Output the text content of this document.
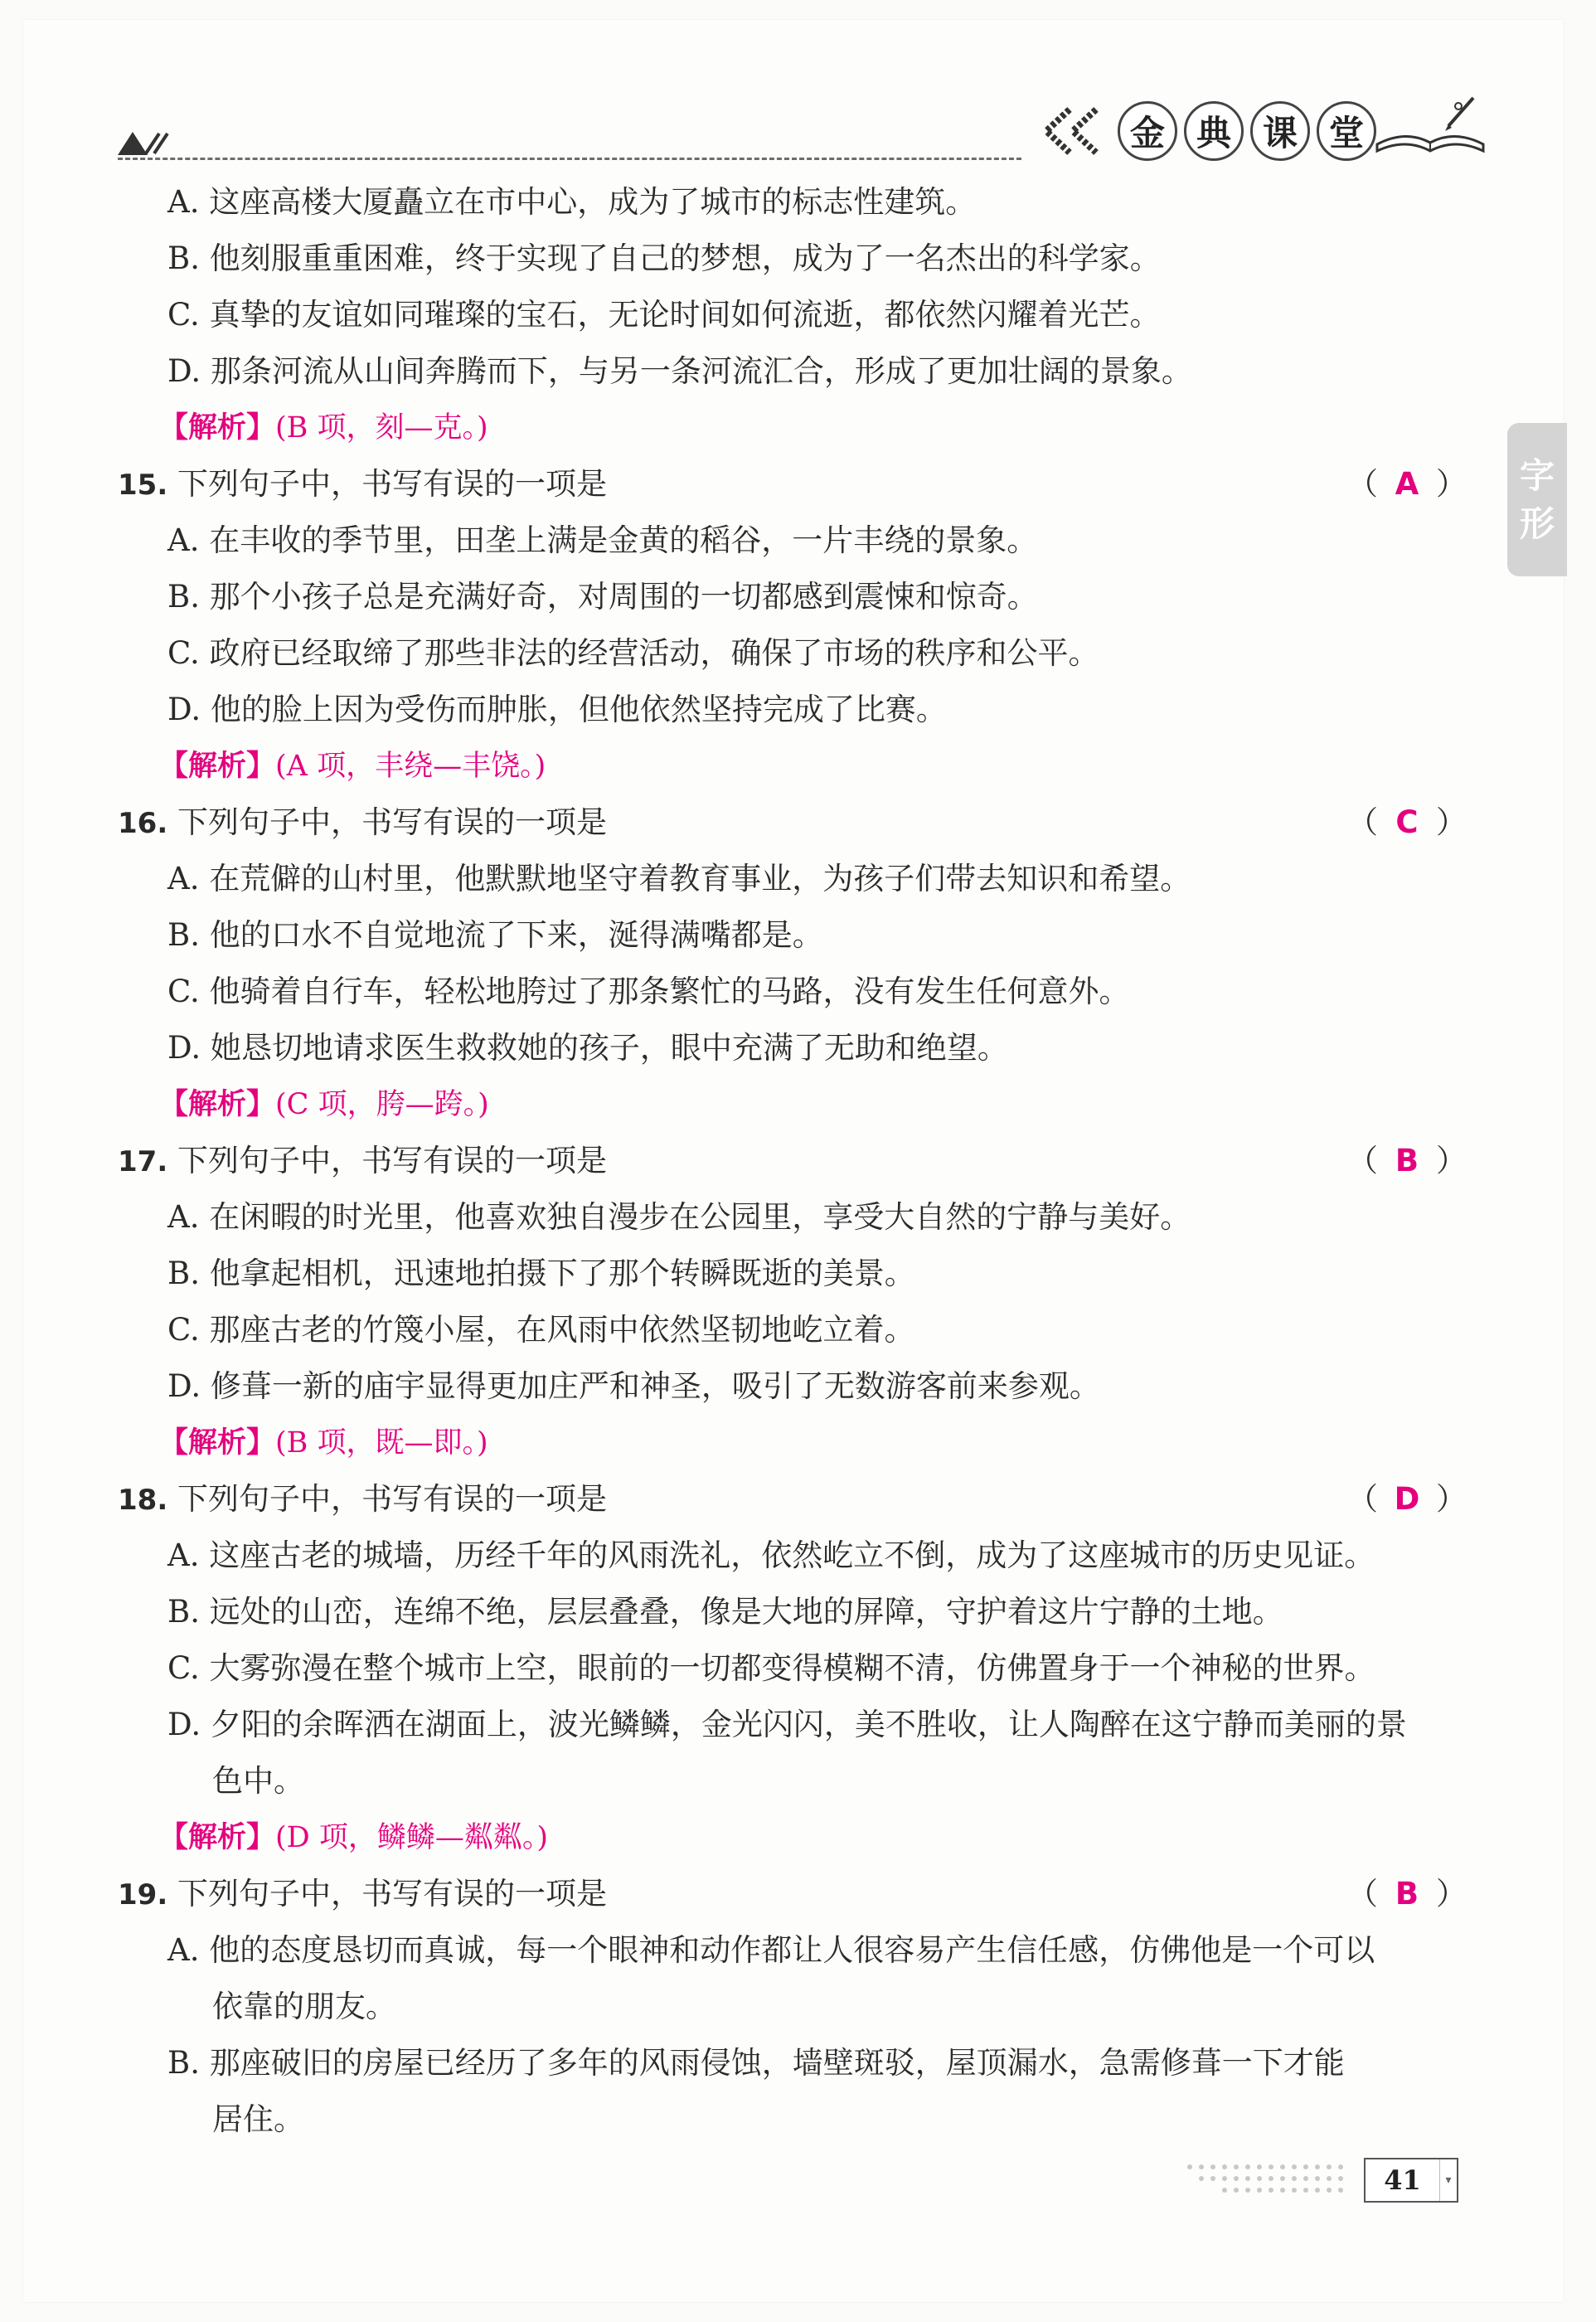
金 典 课 堂
字
形
A. 这座高楼大厦矗立在市中心，成为了城市的标志性建筑。
B. 他刻服重重困难，终于实现了自己的梦想，成为了一名杰出的科学家。
C. 真挚的友谊如同璀璨的宝石，无论时间如何流逝，都依然闪耀着光芒。
D. 那条河流从山间奔腾而下，与另一条河流汇合，形成了更加壮阔的景象。
【解析】(B 项，刻—克。)
15. 下列句子中，书写有误的一项是	（ A ）
A. 在丰收的季节里，田垄上满是金黄的稻谷，一片丰绕的景象。
B. 那个小孩子总是充满好奇，对周围的一切都感到震悚和惊奇。
C. 政府已经取缔了那些非法的经营活动，确保了市场的秩序和公平。
D. 他的脸上因为受伤而肿胀，但他依然坚持完成了比赛。
【解析】(A 项，丰绕—丰饶。)
16. 下列句子中，书写有误的一项是	（ C ）
A. 在荒僻的山村里，他默默地坚守着教育事业，为孩子们带去知识和希望。
B. 他的口水不自觉地流了下来，涎得满嘴都是。
C. 他骑着自行车，轻松地胯过了那条繁忙的马路，没有发生任何意外。
D. 她恳切地请求医生救救她的孩子，眼中充满了无助和绝望。
【解析】(C 项，胯—跨。)
17. 下列句子中，书写有误的一项是	（ B ）
A. 在闲暇的时光里，他喜欢独自漫步在公园里，享受大自然的宁静与美好。
B. 他拿起相机，迅速地拍摄下了那个转瞬既逝的美景。
C. 那座古老的竹篾小屋，在风雨中依然坚韧地屹立着。
D. 修葺一新的庙宇显得更加庄严和神圣，吸引了无数游客前来参观。
【解析】(B 项，既—即。)
18. 下列句子中，书写有误的一项是	（ D ）
A. 这座古老的城墙，历经千年的风雨洗礼，依然屹立不倒，成为了这座城市的历史见证。
B. 远处的山峦，连绵不绝，层层叠叠，像是大地的屏障，守护着这片宁静的土地。
C. 大雾弥漫在整个城市上空，眼前的一切都变得模糊不清，仿佛置身于一个神秘的世界。
D. 夕阳的余晖洒在湖面上，波光鳞鳞，金光闪闪，美不胜收，让人陶醉在这宁静而美丽的景
色中。
【解析】(D 项，鳞鳞—粼粼。)
19. 下列句子中，书写有误的一项是	（ B ）
A. 他的态度恳切而真诚，每一个眼神和动作都让人很容易产生信任感，仿佛他是一个可以
依靠的朋友。
B. 那座破旧的房屋已经历了多年的风雨侵蚀，墙壁斑驳，屋顶漏水，急需修葺一下才能
居住。
41	▾
